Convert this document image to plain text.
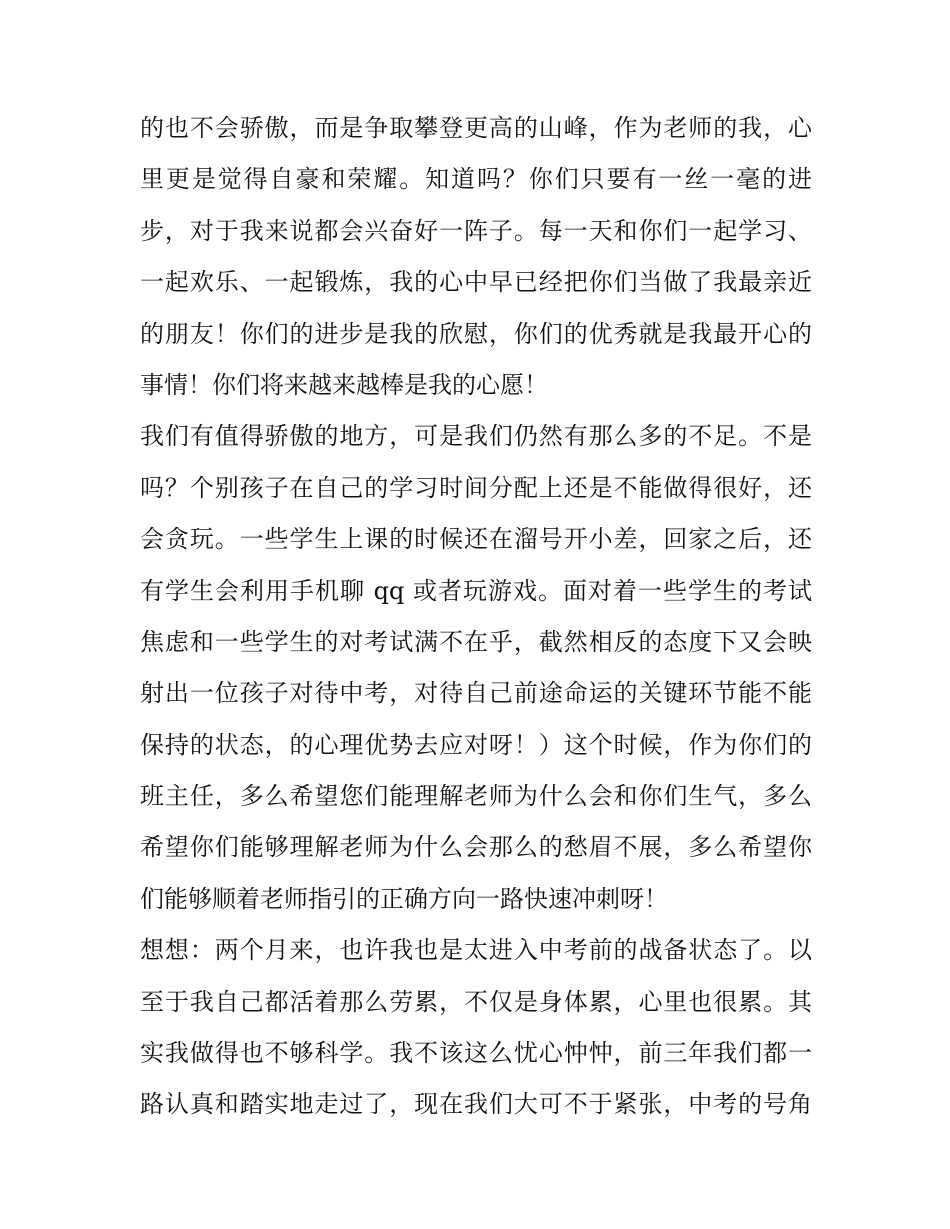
的也不会骄傲，而是争取攀登更高的山峰，作为老师的我，心
里更是觉得自豪和荣耀。知道吗？你们只要有一丝一毫的进
步，对于我来说都会兴奋好一阵子。每一天和你们一起学习、
一起欢乐、一起锻炼，我的心中早已经把你们当做了我最亲近
的朋友！你们的进步是我的欣慰，你们的优秀就是我最开心的
事情！你们将来越来越棒是我的心愿！
我们有值得骄傲的地方，可是我们仍然有那么多的不足。不是
吗？个别孩子在自己的学习时间分配上还是不能做得很好，还
会贪玩。一些学生上课的时候还在溜号开小差，回家之后，还
有学生会利用手机聊 qq 或者玩游戏。面对着一些学生的考试
焦虑和一些学生的对考试满不在乎，截然相反的态度下又会映
射出一位孩子对待中考，对待自己前途命运的关键环节能不能
保持的状态，的心理优势去应对呀！）这个时候，作为你们的
班主任，多么希望您们能理解老师为什么会和你们生气，多么
希望你们能够理解老师为什么会那么的愁眉不展，多么希望你
们能够顺着老师指引的正确方向一路快速冲刺呀！
想想：两个月来，也许我也是太进入中考前的战备状态了。以
至于我自己都活着那么劳累，不仅是身体累，心里也很累。其
实我做得也不够科学。我不该这么忧心忡忡，前三年我们都一
路认真和踏实地走过了，现在我们大可不于紧张，中考的号角
